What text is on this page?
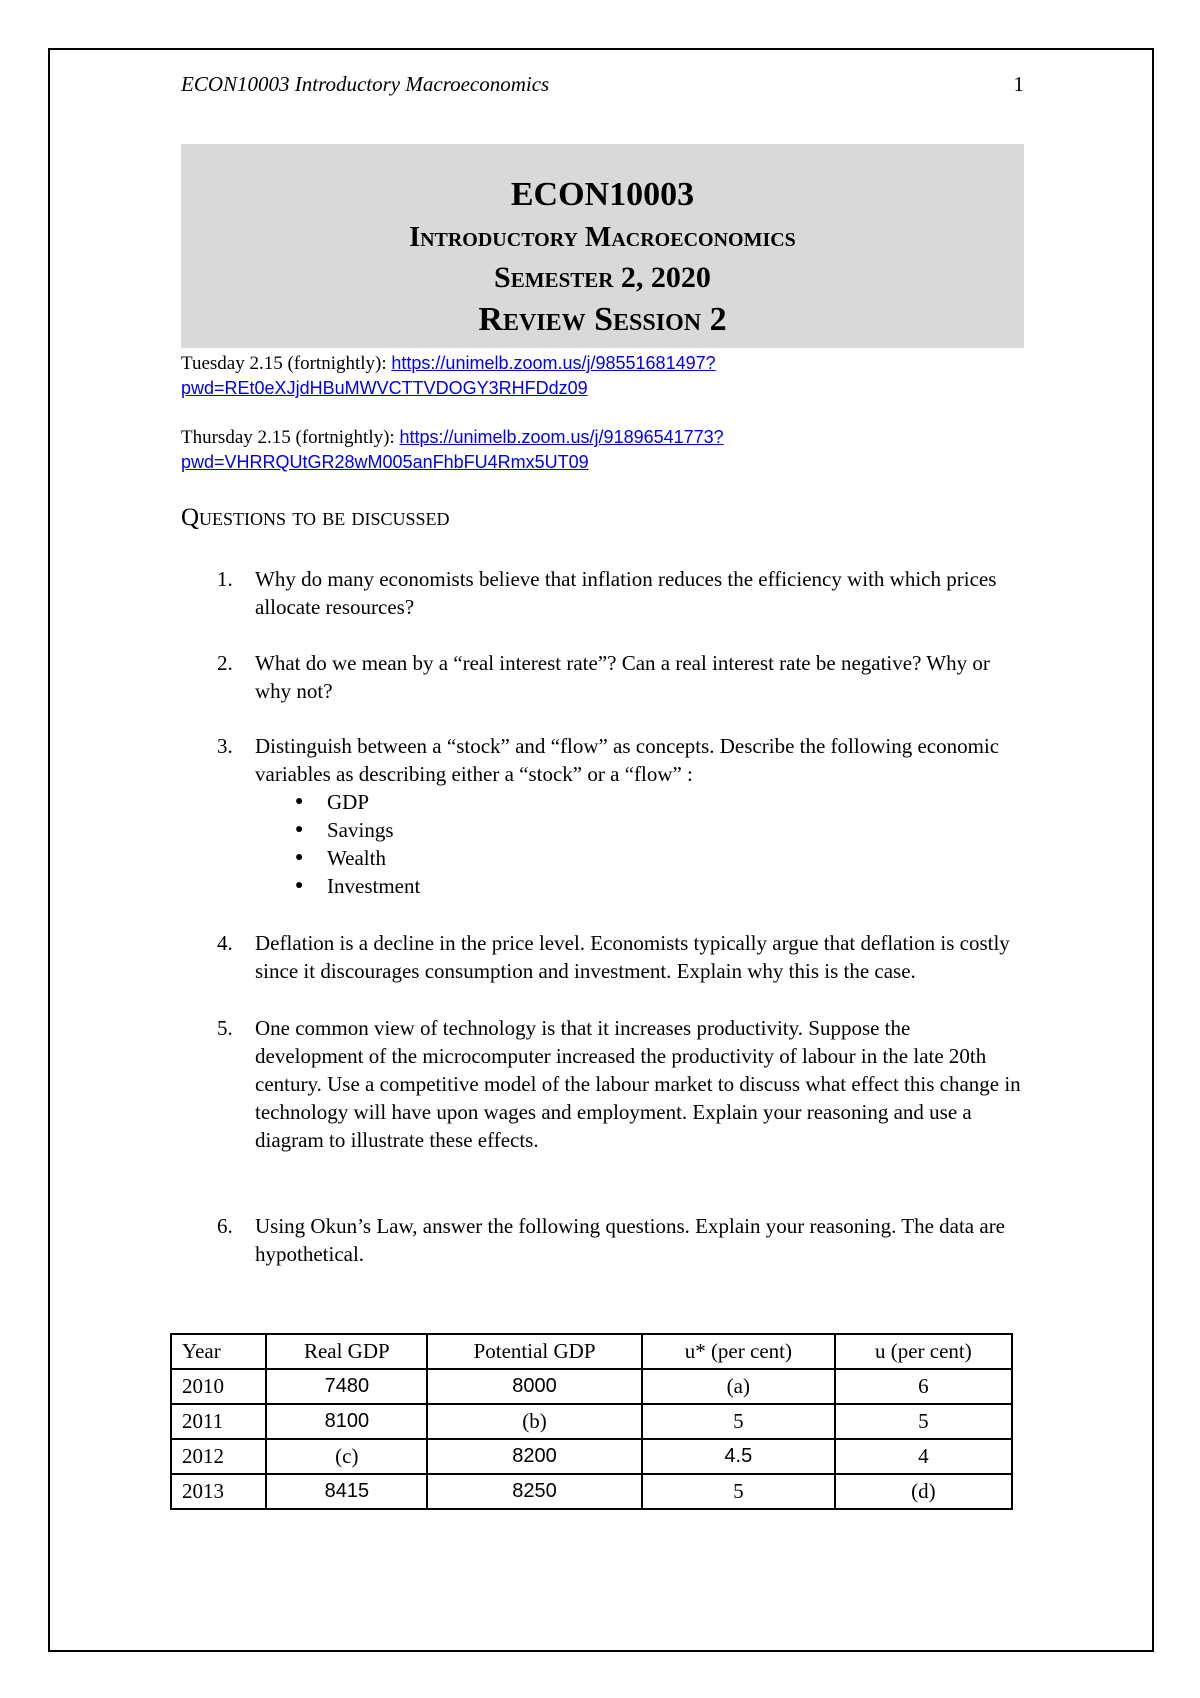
ECON10003 Introductory Macroeconomics	1
ECON10003
Introductory Macroeconomics
Semester 2, 2020
Review Session 2
Tuesday 2.15 (fortnightly): https://unimelb.zoom.us/j/98551681497?
pwd=REt0eXJjdHBuMWVCTTVDOGY3RHFDdz09
Thursday 2.15 (fortnightly): https://unimelb.zoom.us/j/91896541773?
pwd=VHRRQUtGR28wM005anFhbFU4Rmx5UT09
Questions to be discussed
1. Why do many economists believe that inflation reduces the efficiency with which prices allocate resources?
2. What do we mean by a “real interest rate”? Can a real interest rate be negative? Why or why not?
3. Distinguish between a “stock” and “flow” as concepts. Describe the following economic variables as describing either a “stock” or a “flow” :
● GDP
● Savings
● Wealth
● Investment
4. Deflation is a decline in the price level. Economists typically argue that deflation is costly since it discourages consumption and investment. Explain why this is the case.
5. One common view of technology is that it increases productivity. Suppose the development of the microcomputer increased the productivity of labour in the late 20th century. Use a competitive model of the labour market to discuss what effect this change in technology will have upon wages and employment. Explain your reasoning and use a diagram to illustrate these effects.
6. Using Okun’s Law, answer the following questions. Explain your reasoning. The data are hypothetical.
Year	Real GDP	Potential GDP	u* (per cent)	u (per cent)
2010	7480	8000	(a)	6
2011	8100	(b)	5	5
2012	(c)	8200	4.5	4
2013	8415	8250	5	(d)
